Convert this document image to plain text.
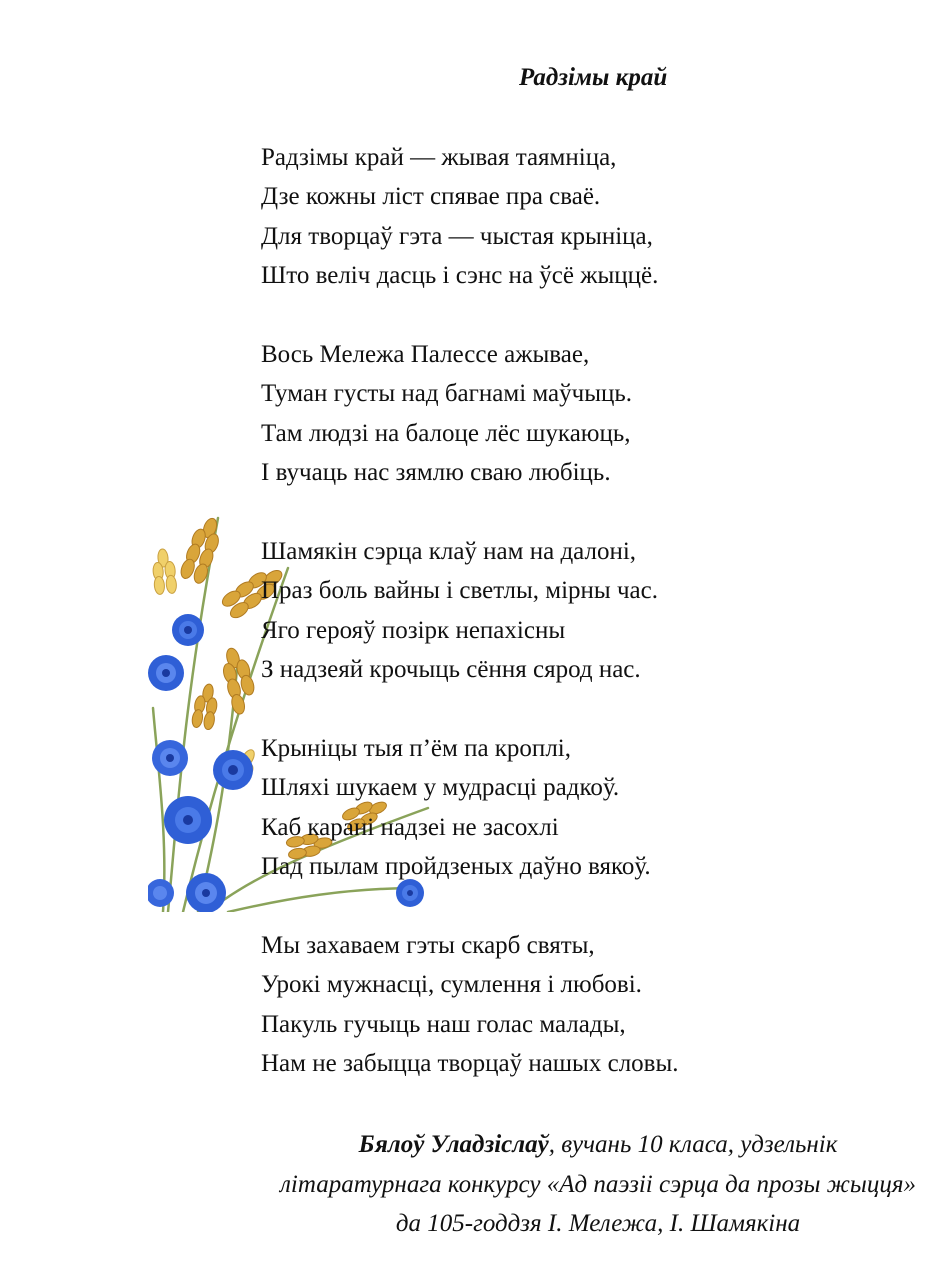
Радзімы край
Радзімы край — жывая таямніца,
Дзе кожны ліст спявае пра сваё.
Для творцаў гэта — чыстая крыніца,
Што веліч дасць і сэнс на ўсё жыццё.
Вось Мележа Палессе ажывае,
Туман густы над багнамі маўчыць.
Там людзі на балоце лёс шукаюць,
І вучаць нас зямлю сваю любіць.
Шамякін сэрца клаў нам на далоні,
Праз боль вайны і светлы, мірны час.
Яго герояў позірк непахісны
З надзеяй крочыць сёння сярод нас.
Крыніцы тыя п’ём па кроплі,
Шляхі шукаем у мудрасці радкоў.
Каб карані надзеі не засохлі
Пад пылам пройдзеных даўно вякоў.
Мы захаваем гэты скарб святы,
Урокі мужнасці, сумлення і любові.
Пакуль гучыць наш голас малады,
Нам не забыцца творцаў нашых словы.
Бялоў Уладзіслаў, вучань 10 класа, удзельнік літаратурнага конкурсу «Ад паэзіі сэрца да прозы жыцця» да 105-годдзя І. Мележа, І. Шамякіна
